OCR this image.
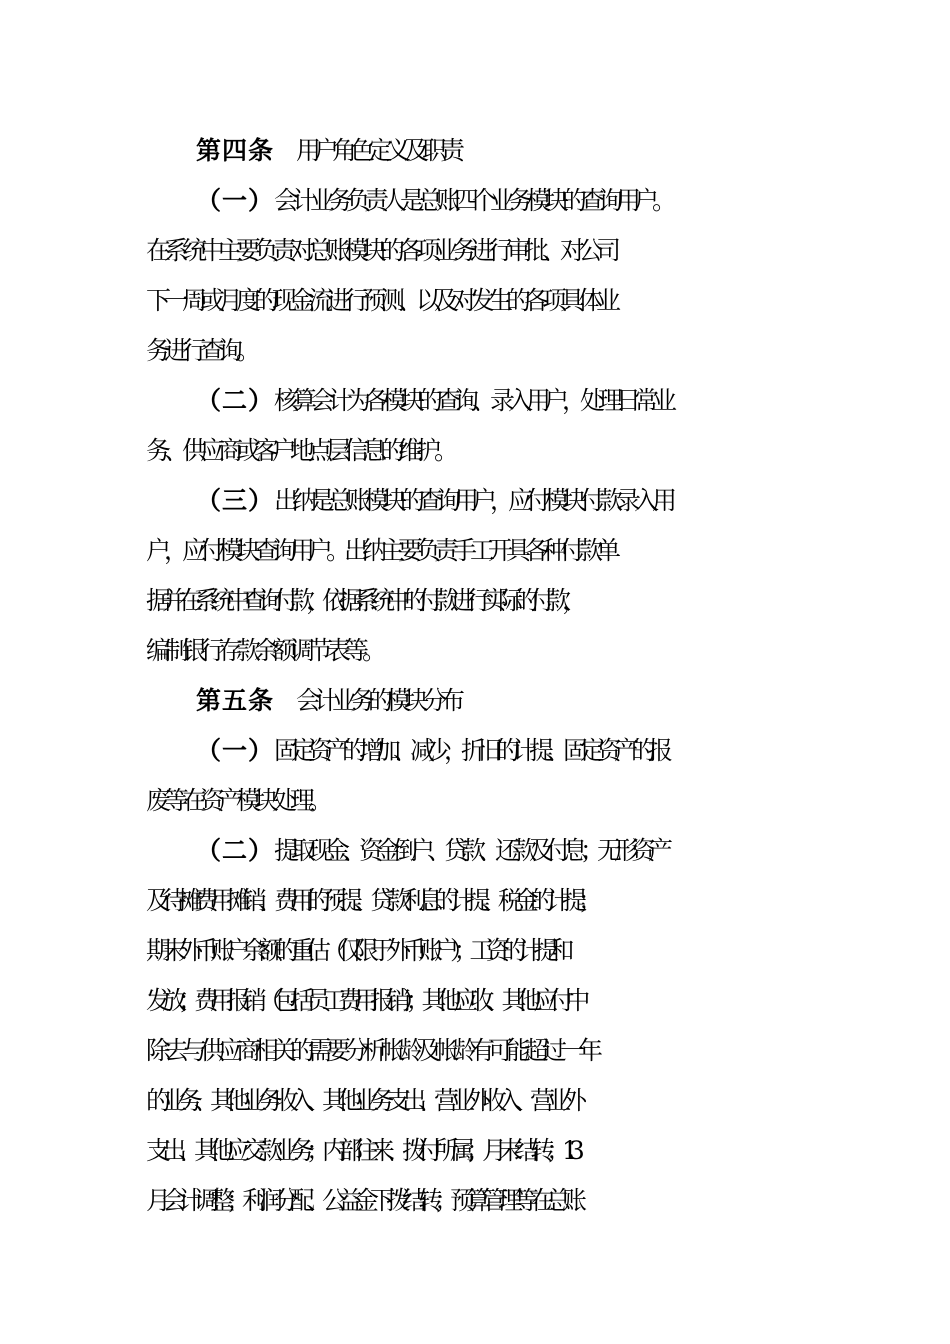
第四条 用户角色定义及职责
（一）会计业务负责人是总账四个业务模块的查询用户。
在系统中主要负责对总账模块的各项业务进行审批、对公司
下一周或月度的现金流进行预测、以及对发生的各项具体业
务进行查询。
（二）核算会计为各模块的查询、录入用户，处理日常业
务、供应商或客户地点层信息的维护。
（三）出纳是总账模块的查询用户，应付模块付款录入用
户，应付模块查询用户。出纳主要负责手工开具各种付款单
据并在系统中查询付款，依据系统中的付款进行实际的付款，
编制银行存款余额调节表等。
第五条 会计业务的模块分布
（一）固定资产的增加、减少，折旧的计提、固定资产的报
废等在资产模块处理。
（二）提取现金、资金倒户、贷款、还款及付息；无形资产
及待摊费用摊销、费用的预提、贷款利息的计提、税金的计提；
期末外币账户余额的重估（仅限于外币账户）；工资的计提和
发放；费用报销（包括员工费用报销）；其他应收、其他应付中
除去与供应商相关的需要分析帐龄及帐龄有可能超过一年
的业务、其他业务收入、其他业务支出、营业外收入、营业外
支出、其他应交款业务；内部往来、拨付所属；月末结转；13
月会计调整；利润分配、公益金下拨结转；预算管理等在总账
